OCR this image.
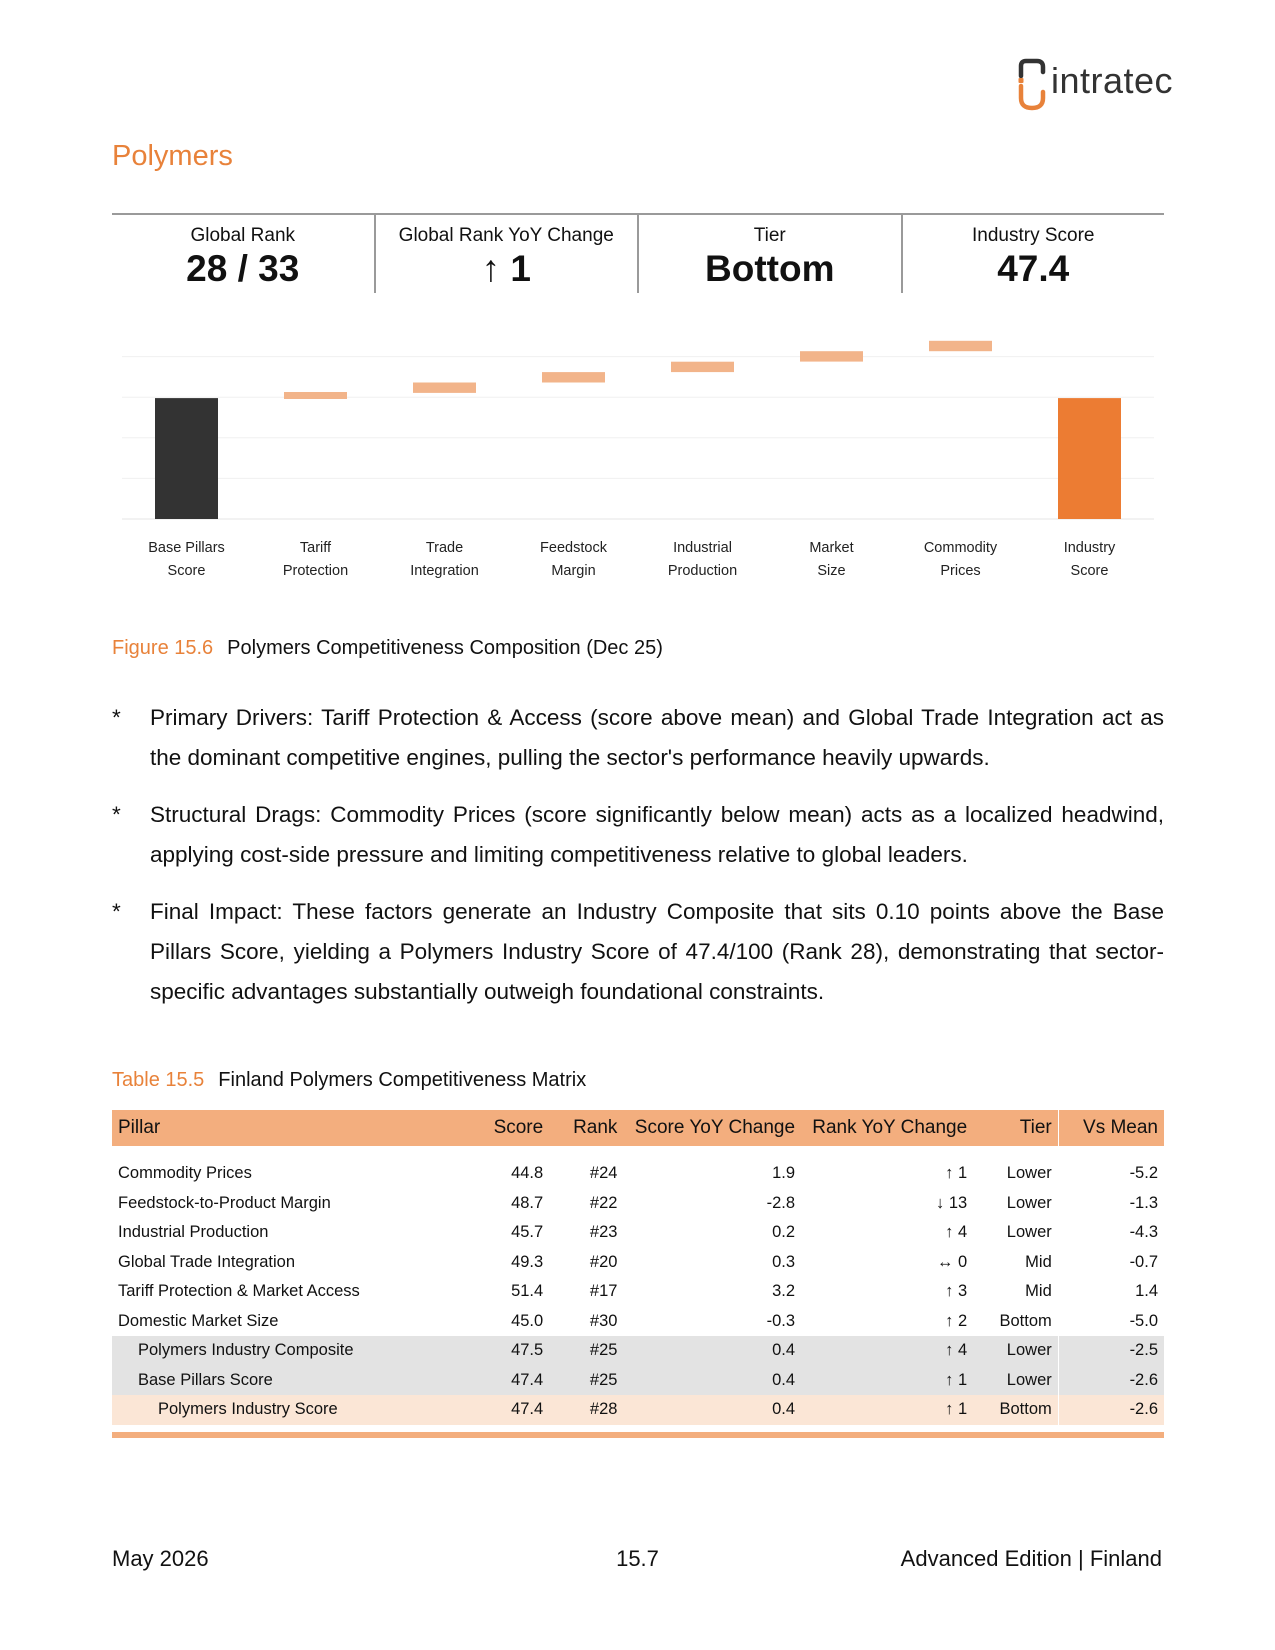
intratec
Polymers
Global Rank
28 / 33
Global Rank YoY Change
↑ 1
Tier
Bottom
Industry Score
47.4
Base Pillars Score
Tariff Protection
Trade Integration
Feedstock Margin
Industrial Production
Market Size
Commodity Prices
Industry Score
Figure 15.6 Polymers Competitiveness Composition (Dec 25)
* Primary Drivers: Tariff Protection & Access (score above mean) and Global Trade Integration act as the dominant competitive engines, pulling the sector's performance heavily upwards.
* Structural Drags: Commodity Prices (score significantly below mean) acts as a localized headwind, applying cost-side pressure and limiting competitiveness relative to global leaders.
* Final Impact: These factors generate an Industry Composite that sits 0.10 points above the Base Pillars Score, yielding a Polymers Industry Score of 47.4/100 (Rank 28), demonstrating that sector-specific advantages substantially outweigh foundational constraints.
Table 15.5 Finland Polymers Competitiveness Matrix
Pillar	Score	Rank	Score YoY Change	Rank YoY Change	Tier	Vs Mean

Commodity Prices	44.8	#24	1.9	↑ 1	Lower	-5.2
Feedstock-to-Product Margin	48.7	#22	-2.8	↓ 13	Lower	-1.3
Industrial Production	45.7	#23	0.2	↑ 4	Lower	-4.3
Global Trade Integration	49.3	#20	0.3	↔ 0	Mid	-0.7
Tariff Protection & Market Access	51.4	#17	3.2	↑ 3	Mid	1.4
Domestic Market Size	45.0	#30	-0.3	↑ 2	Bottom	-5.0
Polymers Industry Composite	47.5	#25	0.4	↑ 4	Lower	-2.5
Base Pillars Score	47.4	#25	0.4	↑ 1	Lower	-2.6
Polymers Industry Score	47.4	#28	0.4	↑ 1	Bottom	-2.6
May 2026	15.7	Advanced Edition | Finland
